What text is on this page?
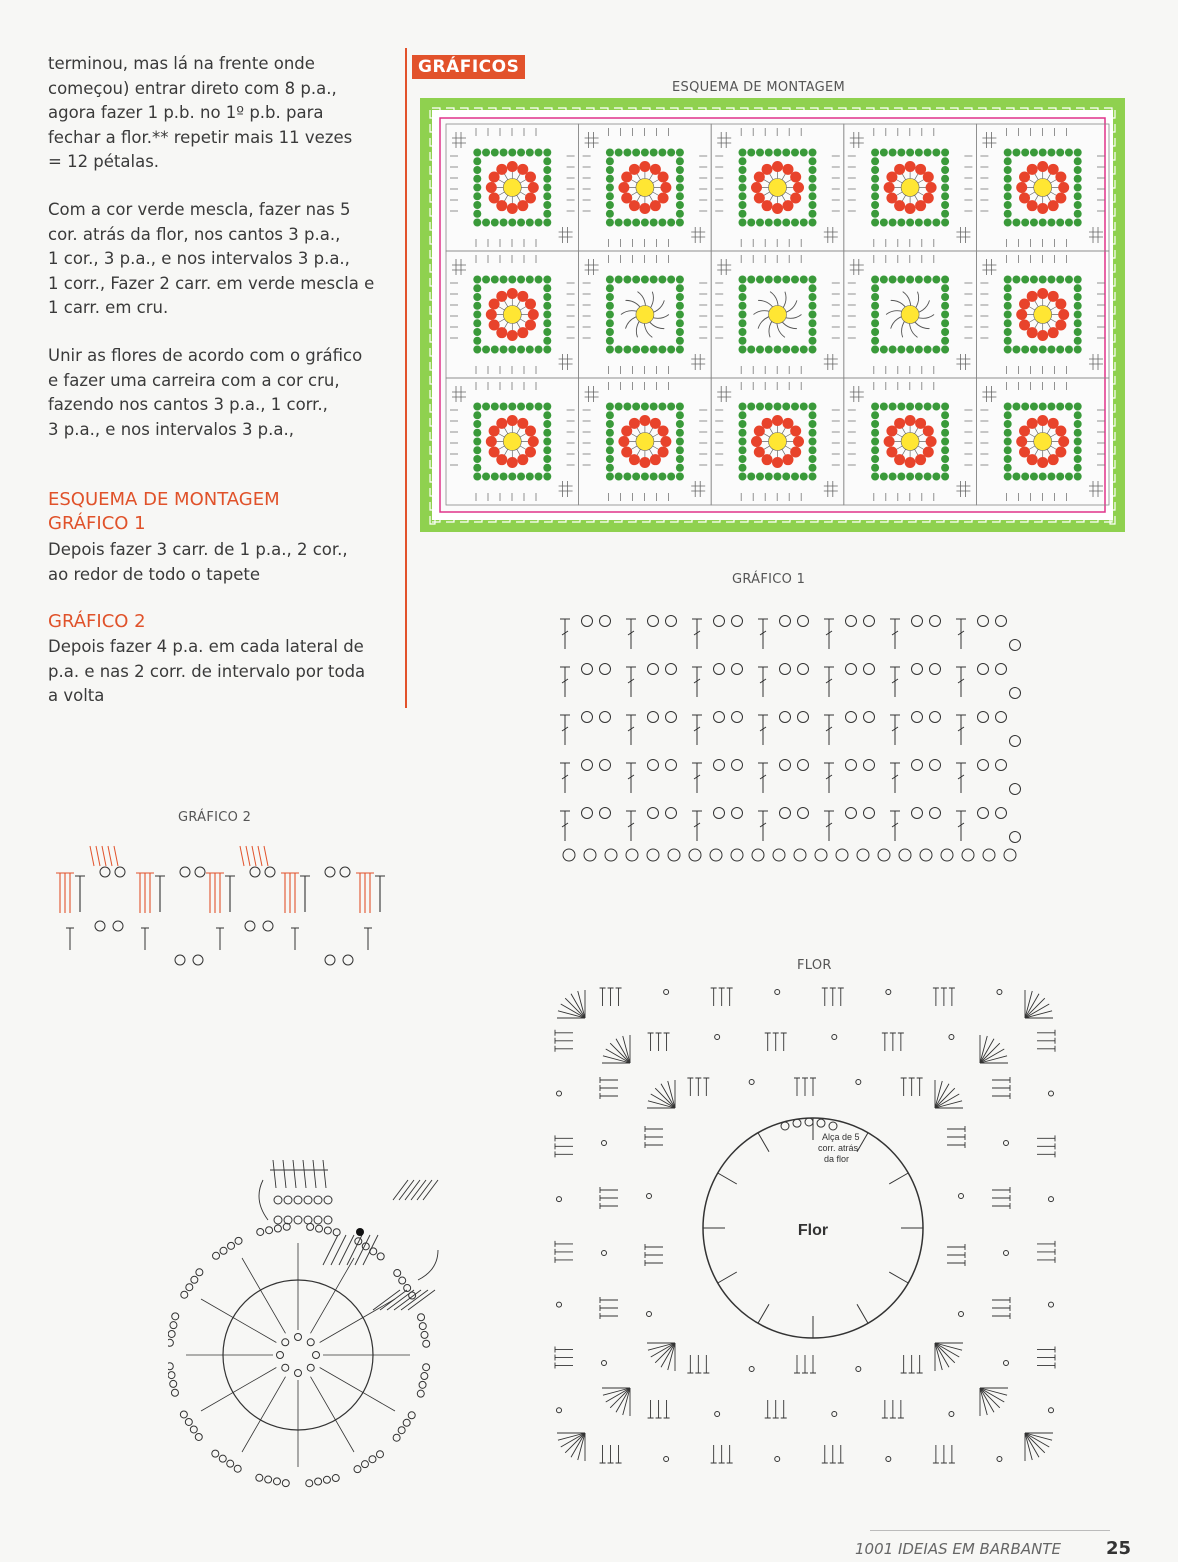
terminou, mas lá na frente onde
começou) entrar direto com 8 p.a.,
agora fazer 1 p.b. no 1º p.b. para
fechar a flor.** repetir mais 11 vezes
= 12 pétalas.
Com a cor verde mescla, fazer nas 5
cor. atrás da flor, nos cantos 3 p.a.,
1 cor., 3 p.a., e nos intervalos 3 p.a.,
1 corr., Fazer 2 carr. em verde mescla e
1 carr. em cru.
Unir as flores de acordo com o gráfico
e fazer uma carreira com a cor cru,
fazendo nos cantos 3 p.a., 1 corr.,
3 p.a., e nos intervalos 3 p.a.,
ESQUEMA DE MONTAGEM
GRÁFICO 1
Depois fazer 3 carr. de 1 p.a., 2 cor.,
ao redor de todo o tapete
GRÁFICO 2
Depois fazer 4 p.a. em cada lateral de
p.a. e nas 2 corr. de intervalo por toda
a volta
GRÁFICOS
ESQUEMA DE MONTAGEM
GRÁFICO 1
GRÁFICO 2
FLOR
Flor
Alça de 5
corr. atrás
da flor
1001 IDEIAS EM BARBANTE	25
